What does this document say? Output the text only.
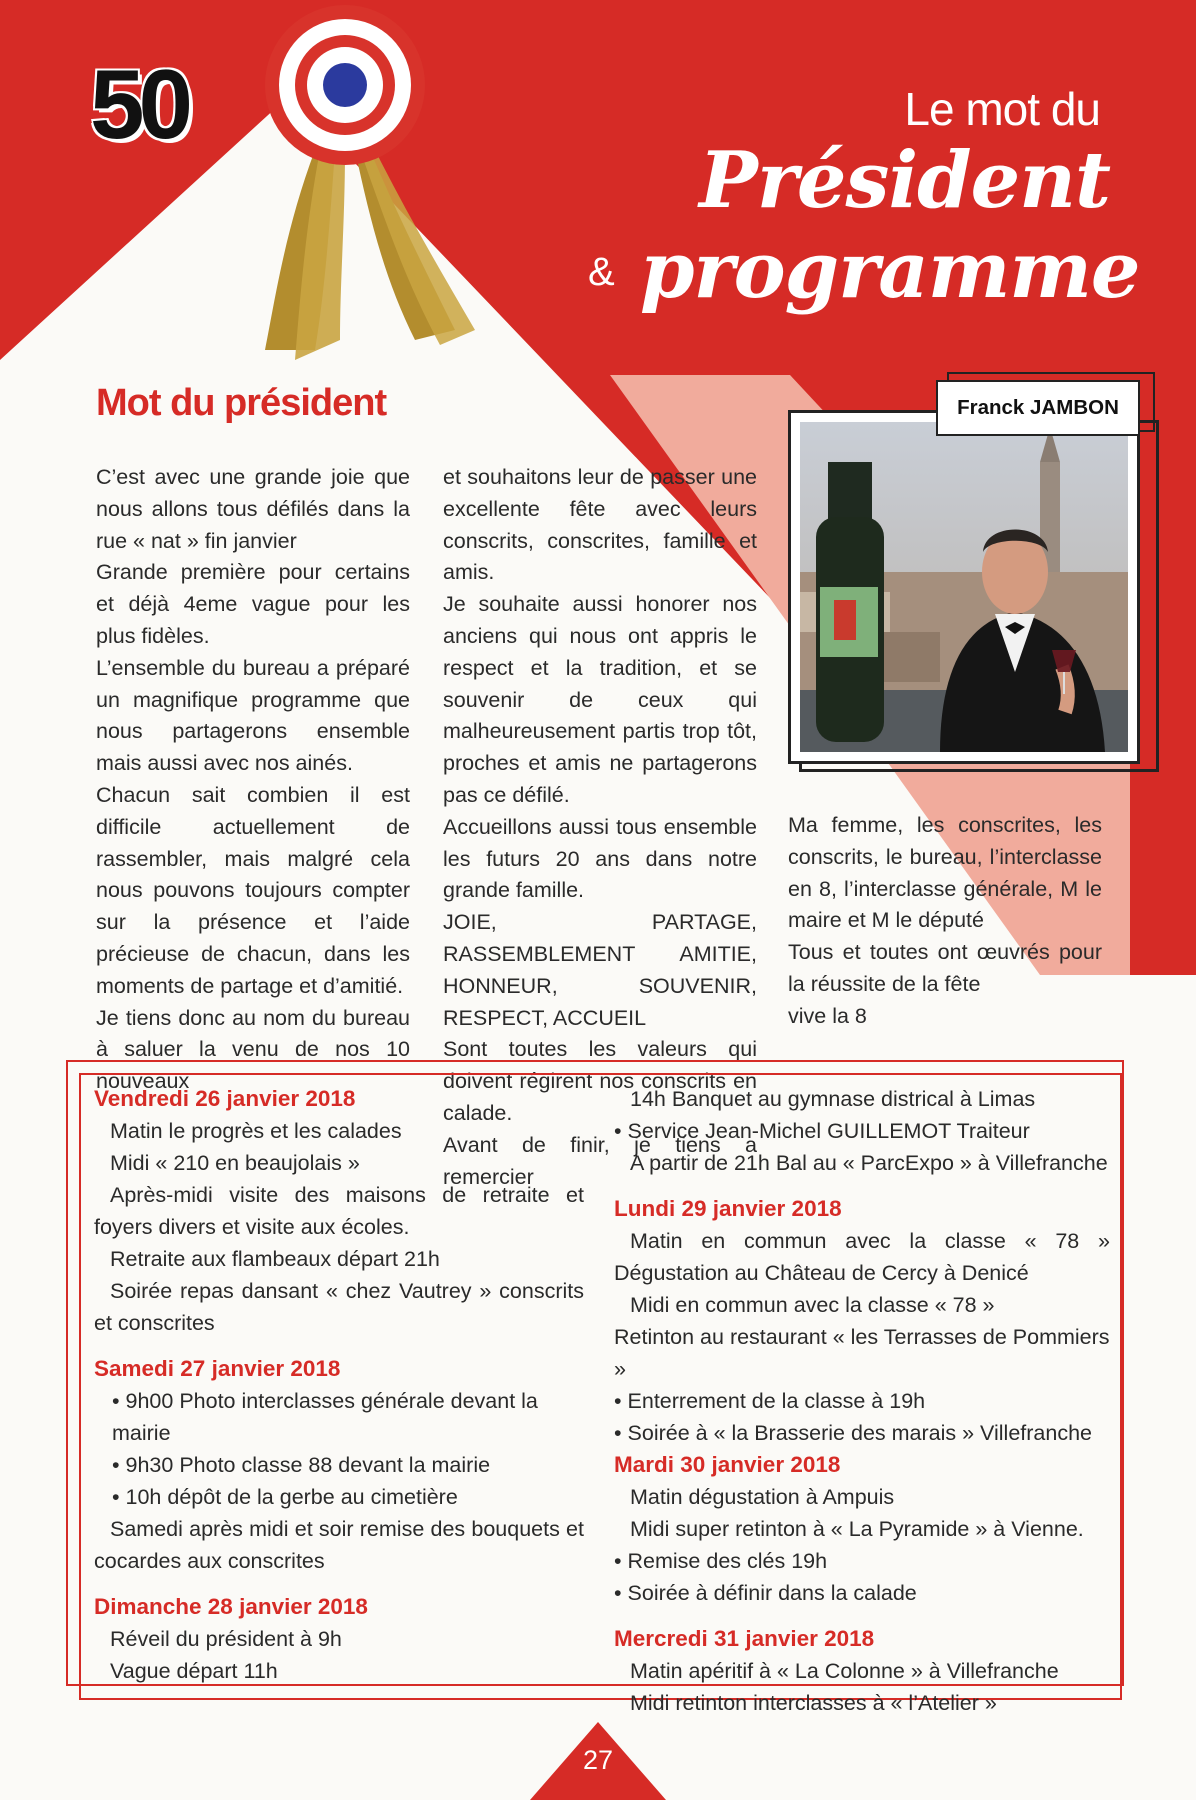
50	Le mot du
Président
& programme
Mot du président

C’est avec une grande joie que nous allons tous défilés dans la rue « nat » fin janvier

Grande première pour certains et déjà 4eme vague pour les plus fidèles.

L’ensemble du bureau a préparé un magnifique programme que nous partagerons ensemble mais aussi avec nos ainés.

Chacun sait combien il est difficile actuellement de rassembler, mais malgré cela nous pouvons toujours compter sur la présence et l’aide précieuse de chacun, dans les moments de partage et d’amitié.

Je tiens donc au nom du bureau à saluer la venu de nos 10 nouveaux

et souhaitons leur de passer une excellente fête avec leurs conscrits, conscrites, famille et amis.

Je souhaite aussi honorer nos anciens qui nous ont appris le respect et la tradition, et se souvenir de ceux qui malheureusement partis trop tôt, proches et amis ne partagerons pas ce défilé.

Accueillons aussi tous ensemble les futurs 20 ans dans notre grande famille.

JOIE, PARTAGE, RASSEMBLEMENT AMITIE, HONNEUR, SOUVENIR, RESPECT, ACCUEIL

Sont toutes les valeurs qui doivent régirent nos conscrits en calade.

Avant de finir, je tiens a remercier

Franck JAMBON

Ma femme, les conscrites, les conscrits, le bureau, l’interclasse en 8, l’interclasse générale, M le maire et M le député

Tous et toutes ont œuvrés pour la réussite de la fête

vive la 8

Vendredi 26 janvier 2018
Matin le progrès et les calades
Midi « 210 en beaujolais »
Après-midi visite des maisons de retraite et foyers divers et visite aux écoles.
Retraite aux flambeaux départ 21h
Soirée repas dansant « chez Vautrey » conscrits et conscrites
Samedi 27 janvier 2018
• 9h00 Photo interclasses générale devant la mairie
• 9h30 Photo classe 88 devant la mairie
• 10h dépôt de la gerbe au cimetière
Samedi après midi et soir remise des bouquets et cocardes aux conscrites
Dimanche 28 janvier 2018
Réveil du président à 9h
Vague départ 11h
14h Banquet au gymnase districal à Limas
• Service Jean-Michel GUILLEMOT Traiteur
A partir de 21h Bal au « ParcExpo » à Villefranche
Lundi 29 janvier 2018
Matin en commun avec la classe « 78 » Dégustation au Château de Cercy à Denicé
Midi en commun avec la classe « 78 »
Retinton au restaurant « les Terrasses de Pommiers »
• Enterrement de la classe à 19h
• Soirée à « la Brasserie des marais » Villefranche
Mardi 30 janvier 2018
Matin dégustation à Ampuis
Midi super retinton à « La Pyramide » à Vienne.
• Remise des clés 19h
• Soirée à définir dans la calade
Mercredi 31 janvier 2018
Matin apéritif à « La Colonne » à Villefranche
Midi retinton interclasses à « l’Atelier »
27
